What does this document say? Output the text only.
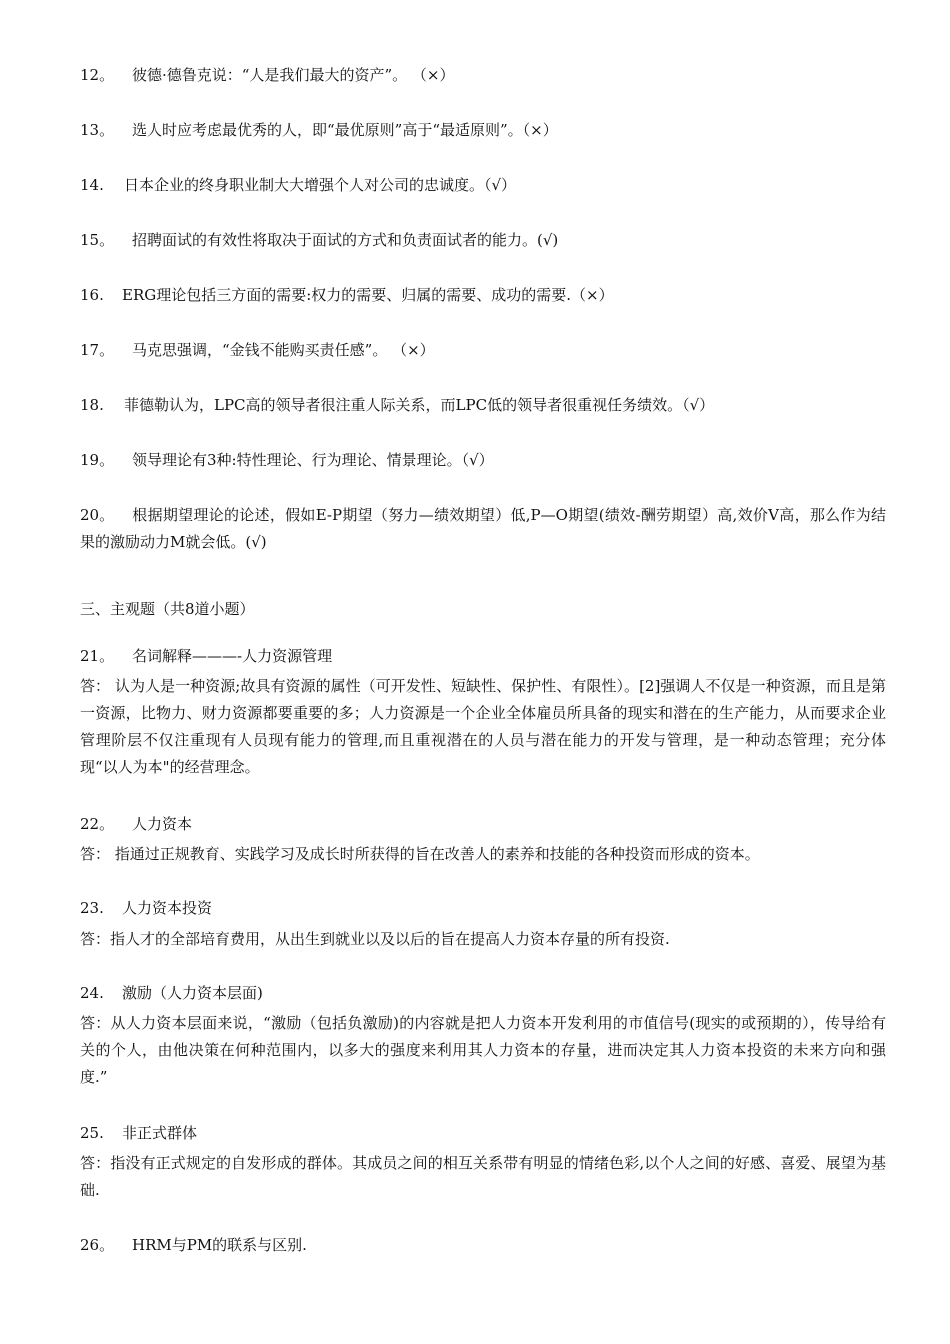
12。 彼德·德鲁克说：“人是我们最大的资产”。 （×）
13。 选人时应考虑最优秀的人，即“最优原则”高于“最适原则”。（×）
14. 日本企业的终身职业制大大增强个人对公司的忠诚度。（√）
15。 招聘面试的有效性将取决于面试的方式和负责面试者的能力。(√)
16. ERG理论包括三方面的需要:权力的需要、归属的需要、成功的需要.（×）
17。 马克思强调，“金钱不能购买责任感”。 （×）
18. 菲德勒认为，LPC高的领导者很注重人际关系，而LPC低的领导者很重视任务绩效。（√）
19。 领导理论有3种:特性理论、行为理论、情景理论。（√）
20。 根据期望理论的论述，假如E-P期望（努力—绩效期望）低,P—O期望(绩效-酬劳期望）高,效价V高，那么作为结果的激励动力M就会低。(√)
三、主观题（共8道小题）
21。 名词解释———-人力资源管理
答： 认为人是一种资源;故具有资源的属性（可开发性、短缺性、保护性、有限性）。[2]强调人不仅是一种资源，而且是第一资源，比物力、财力资源都要重要的多；人力资源是一个企业全体雇员所具备的现实和潜在的生产能力，从而要求企业管理阶层不仅注重现有人员现有能力的管理,而且重视潜在的人员与潜在能力的开发与管理，是一种动态管理；充分体现“以人为本"的经营理念。
22。 人力资本
答： 指通过正规教育、实践学习及成长时所获得的旨在改善人的素养和技能的各种投资而形成的资本。
23. 人力资本投资
答：指人才的全部培育费用，从出生到就业以及以后的旨在提高人力资本存量的所有投资.
24. 激励（人力资本层面)
答：从人力资本层面来说，“激励（包括负激励)的内容就是把人力资本开发利用的市值信号(现实的或预期的），传导给有关的个人，由他决策在何种范围内，以多大的强度来利用其人力资本的存量，进而决定其人力资本投资的未来方向和强度.”
25. 非正式群体
答：指没有正式规定的自发形成的群体。其成员之间的相互关系带有明显的情绪色彩,以个人之间的好感、喜爱、展望为基础.
26。 HRM与PM的联系与区别.
